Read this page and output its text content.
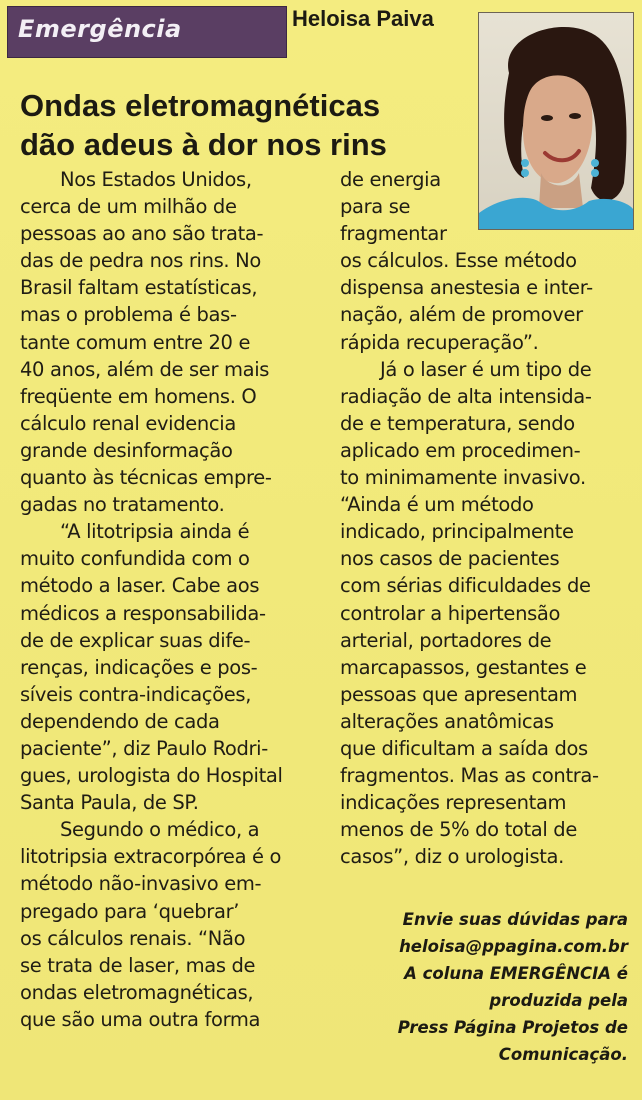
Emergência	Heloisa Paiva
Ondas eletromagnéticas
dão adeus à dor nos rins
Nos Estados Unidos,
cerca de um milhão de
pessoas ao ano são trata-
das de pedra nos rins. No
Brasil faltam estatísticas,
mas o problema é bas-
tante comum entre 20 e
40 anos, além de ser mais
freqüente em homens. O
cálculo renal evidencia
grande desinformação
quanto às técnicas empre-
gadas no tratamento.
“A litotripsia ainda é
muito confundida com o
método a laser. Cabe aos
médicos a responsabilida-
de de explicar suas dife-
renças, indicações e pos-
síveis contra-indicações,
dependendo de cada
paciente”, diz Paulo Rodri-
gues, urologista do Hospital
Santa Paula, de SP.
Segundo o médico, a
litotripsia extracorpórea é o
método não-invasivo em-
pregado para ‘quebrar’
os cálculos renais. “Não
se trata de laser, mas de
ondas eletromagnéticas,
que são uma outra forma
de energia
para se
fragmentar
os cálculos. Esse método
dispensa anestesia e inter-
nação, além de promover
rápida recuperação”.
Já o laser é um tipo de
radiação de alta intensida-
de e temperatura, sendo
aplicado em procedimen-
to minimamente invasivo.
“Ainda é um método
indicado, principalmente
nos casos de pacientes
com sérias dificuldades de
controlar a hipertensão
arterial, portadores de
marcapassos, gestantes e
pessoas que apresentam
alterações anatômicas
que dificultam a saída dos
fragmentos. Mas as contra-
indicações representam
menos de 5% do total de
casos”, diz o urologista.
Envie suas dúvidas para
heloisa@ppagina.com.br
A coluna EMERGÊNCIA é
produzida pela
Press Página Projetos de
Comunicação.
